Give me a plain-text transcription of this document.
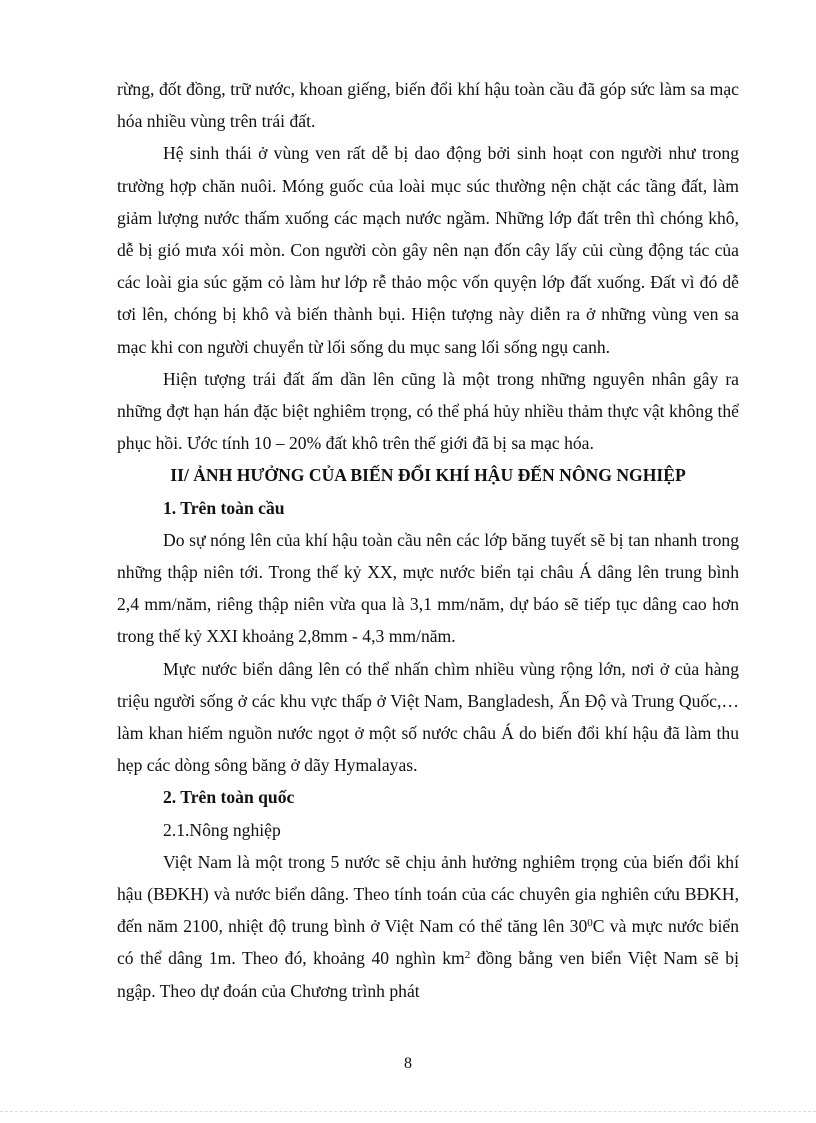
rừng, đốt đồng, trữ nước, khoan giếng, biến đổi khí hậu toàn cầu đã góp sức làm sa mạc hóa nhiều vùng trên trái đất.

Hệ sinh thái ở vùng ven rất dễ bị dao động bởi sinh hoạt con người như trong trường hợp chăn nuôi. Móng guốc của loài mục súc thường nện chặt các tầng đất, làm giảm lượng nước thấm xuống các mạch nước ngầm. Những lớp đất trên thì chóng khô, dễ bị gió mưa xói mòn. Con người còn gây nên nạn đốn cây lấy củi cùng động tác của các loài gia súc gặm cỏ làm hư lớp rễ thảo mộc vốn quyện lớp đất xuống. Đất vì đó dễ tơi lên, chóng bị khô và biến thành bụi. Hiện tượng này diễn ra ở những vùng ven sa mạc khi con người chuyển từ lối sống du mục sang lối sống ngụ canh.

Hiện tượng trái đất ấm dần lên cũng là một trong những nguyên nhân gây ra những đợt hạn hán đặc biệt nghiêm trọng, có thể phá hủy nhiều thảm thực vật không thể phục hồi. Ước tính 10 – 20% đất khô trên thế giới đã bị sa mạc hóa.

II/ ẢNH HƯỞNG CỦA BIẾN ĐỔI KHÍ HẬU ĐẾN NÔNG NGHIỆP

1. Trên toàn cầu

Do sự nóng lên của khí hậu toàn cầu nên các lớp băng tuyết sẽ bị tan nhanh trong những thập niên tới. Trong thế kỷ XX, mực nước biển tại châu Á dâng lên trung bình 2,4 mm/năm, riêng thập niên vừa qua là 3,1 mm/năm, dự báo sẽ tiếp tục dâng cao hơn trong thế kỷ XXI khoảng 2,8mm - 4,3 mm/năm.

Mực nước biển dâng lên có thể nhấn chìm nhiều vùng rộng lớn, nơi ở của hàng triệu người sống ở các khu vực thấp ở Việt Nam, Bangladesh, Ấn Độ và Trung Quốc,… làm khan hiếm nguồn nước ngọt ở một số nước châu Á do biến đổi khí hậu đã làm thu hẹp các dòng sông băng ở dãy Hymalayas.

2. Trên toàn quốc

2.1.Nông nghiệp

Việt Nam là một trong 5 nước sẽ chịu ảnh hưởng nghiêm trọng của biến đổi khí hậu (BĐKH) và nước biển dâng. Theo tính toán của các chuyên gia nghiên cứu BĐKH, đến năm 2100, nhiệt độ trung bình ở Việt Nam có thể tăng lên $30^0C$ và mực nước biển có thể dâng 1m. Theo đó, khoảng 40 nghìn $km^2$ đồng bằng ven biển Việt Nam sẽ bị ngập. Theo dự đoán của Chương trình phát

8
